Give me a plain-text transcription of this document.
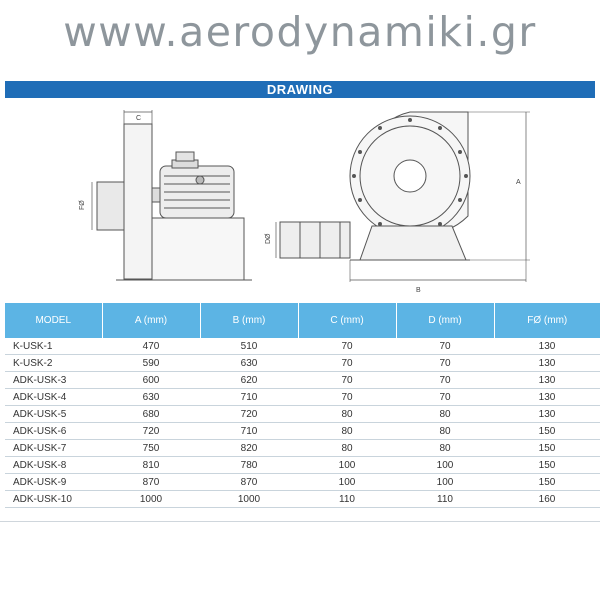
www.aerodynamiki.gr
DRAWING
C
FØ
DØ
A
B
MODEL	A (mm)	B (mm)	C (mm)	D (mm)	FØ (mm)
K-USK-1	470	510	70	70	130
K-USK-2	590	630	70	70	130
ADK-USK-3	600	620	70	70	130
ADK-USK-4	630	710	70	70	130
ADK-USK-5	680	720	80	80	130
ADK-USK-6	720	710	80	80	150
ADK-USK-7	750	820	80	80	150
ADK-USK-8	810	780	100	100	150
ADK-USK-9	870	870	100	100	150
ADK-USK-10	1000	1000	110	110	160
